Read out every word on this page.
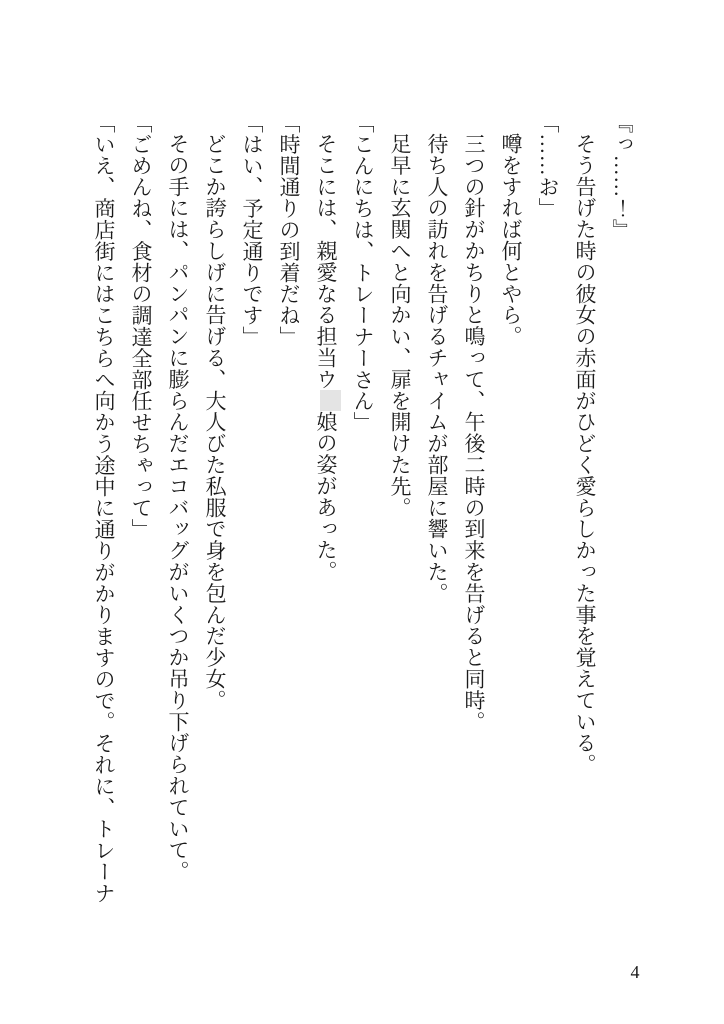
『っ……！』

そう告げた時の彼女の赤面がひどく愛らしかった事を覚えている。

「……お」

噂をすれば何とやら。

三つの針がかちりと鳴って、午後二時の到来を告げると同時。

待ち人の訪れを告げるチャイムが部屋に響いた。

足早に玄関へと向かい、扉を開けた先。

「こんにちは、トレーナーさん」

そこには、親愛なる担当ウ娘の姿があった。

「時間通りの到着だね」

「はい、予定通りです」

どこか誇らしげに告げる、大人びた私服で身を包んだ少女。

その手には、パンパンに膨らんだエコバッグがいくつか吊り下げられていて。

「ごめんね、食材の調達全部任せちゃって」

「いえ、商店街にはこちらへ向かう途中に通りがかりますので。それに、トレーナ

4
